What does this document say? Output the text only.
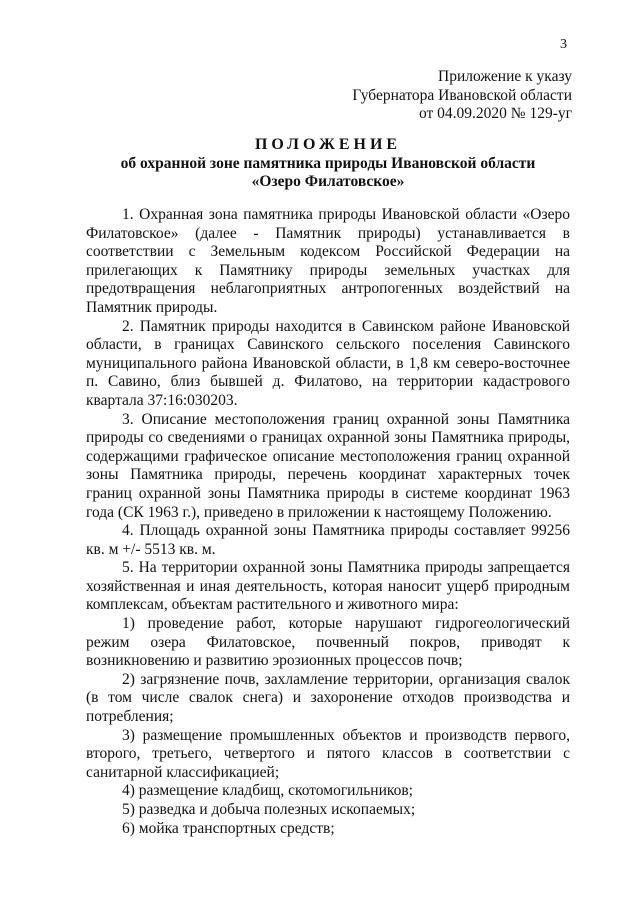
3
Приложение к указу
Губернатора Ивановской области
от 04.09.2020 № 129-уг
ПОЛОЖЕНИЕ
об охранной зоне памятника природы Ивановской области
«Озеро Филатовское»

1. Охранная зона памятника природы Ивановской области «Озеро Филатовское» (далее - Памятник природы) устанавливается в соответствии с Земельным кодексом Российской Федерации на прилегающих к Памятнику природы земельных участках для предотвращения неблагоприятных антропогенных воздействий на Памятник природы.

2. Памятник природы находится в Савинском районе Ивановской области, в границах Савинского сельского поселения Савинского муниципального района Ивановской области, в 1,8 км северо-восточнее п. Савино, близ бывшей д. Филатово, на территории кадастрового квартала 37:16:030203.

3. Описание местоположения границ охранной зоны Памятника природы со сведениями о границах охранной зоны Памятника природы, содержащими графическое описание местоположения границ охранной зоны Памятника природы, перечень координат характерных точек границ охранной зоны Памятника природы в системе координат 1963 года (СК 1963 г.), приведено в приложении к настоящему Положению.

4. Площадь охранной зоны Памятника природы составляет 99256 кв. м +/- 5513 кв. м.

5. На территории охранной зоны Памятника природы запрещается хозяйственная и иная деятельность, которая наносит ущерб природным комплексам, объектам растительного и животного мира:

1) проведение работ, которые нарушают гидрогеологический режим озера Филатовское, почвенный покров, приводят к возникновению и развитию эрозионных процессов почв;

2) загрязнение почв, захламление территории, организация свалок (в том числе свалок снега) и захоронение отходов производства и потребления;

3) размещение промышленных объектов и производств первого, второго, третьего, четвертого и пятого классов в соответствии с санитарной классификацией;

4) размещение кладбищ, скотомогильников;

5) разведка и добыча полезных ископаемых;

6) мойка транспортных средств;
